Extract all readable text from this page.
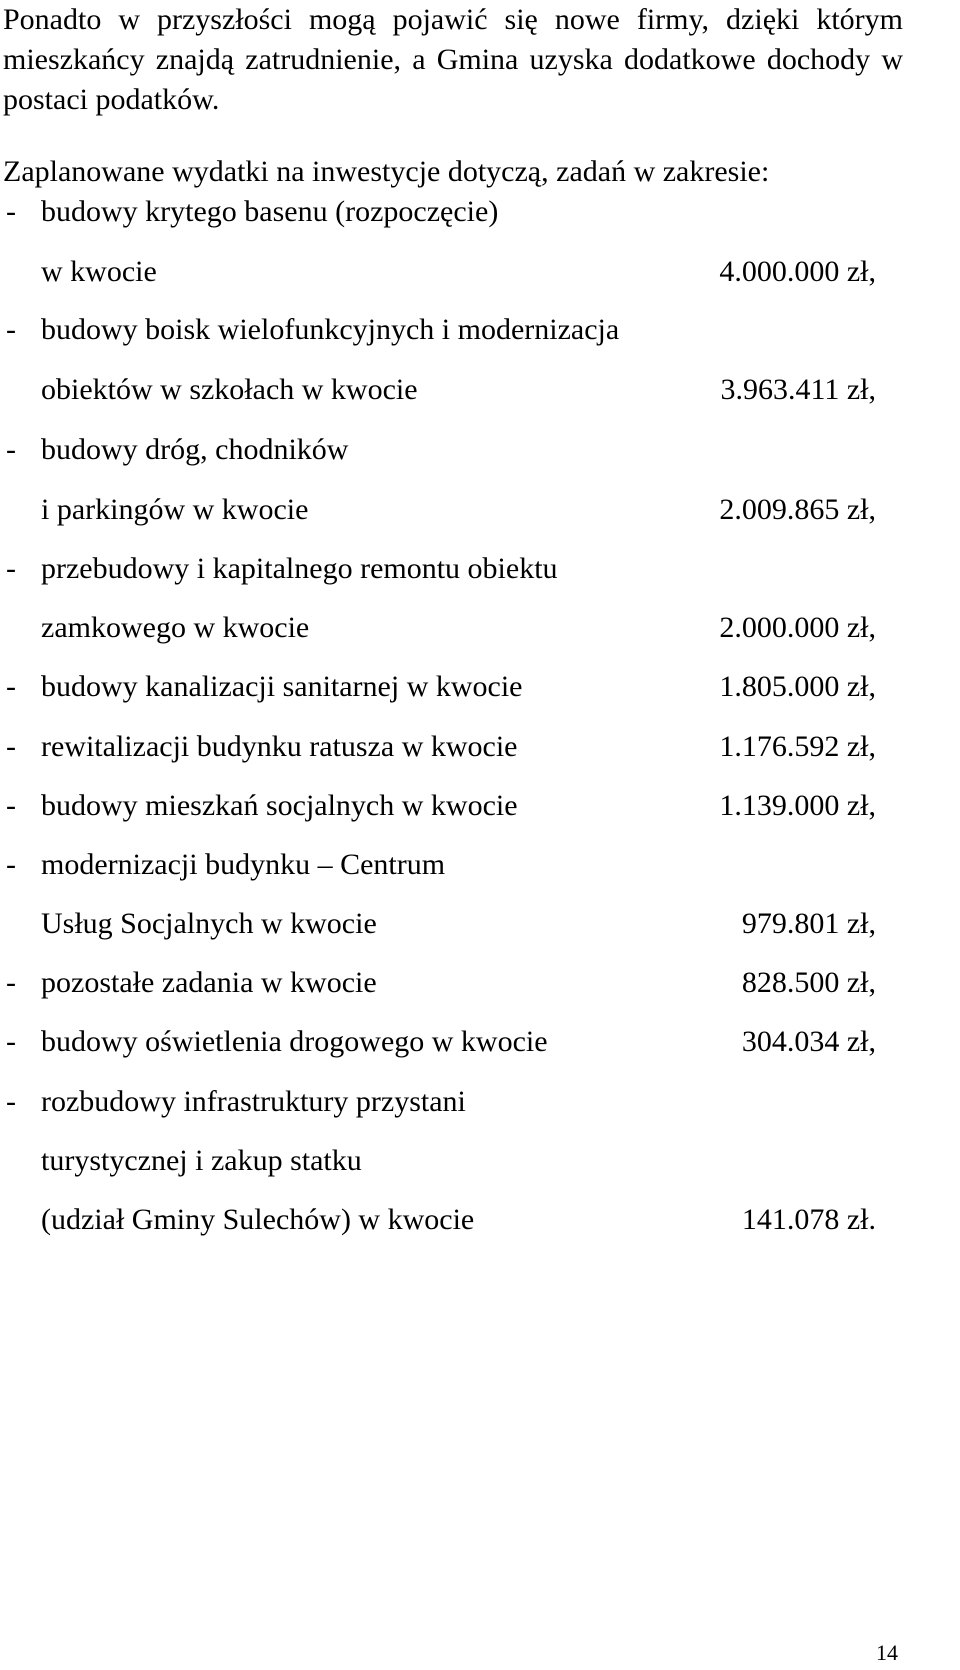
Ponadto w przyszłości mogą pojawić się nowe firmy, dzięki którym mieszkańcy znajdą zatrudnienie, a Gmina uzyska dodatkowe dochody w postaci podatków.

Zaplanowane wydatki na inwestycje dotyczą, zadań w zakresie:

- budowy krytego basenu (rozpoczęcie)
w kwocie	4.000.000 zł,
- budowy boisk wielofunkcyjnych i modernizacja
obiektów w szkołach w kwocie	3.963.411 zł,
- budowy dróg, chodników
i parkingów w kwocie	2.009.865 zł,
- przebudowy i kapitalnego remontu obiektu
zamkowego w kwocie	2.000.000 zł,
- budowy kanalizacji sanitarnej w kwocie	1.805.000 zł,
- rewitalizacji budynku ratusza w kwocie	1.176.592 zł,
- budowy mieszkań socjalnych w kwocie	1.139.000 zł,
- modernizacji budynku – Centrum
Usług Socjalnych w kwocie	979.801 zł,
- pozostałe zadania w kwocie	828.500 zł,
- budowy oświetlenia drogowego w kwocie	304.034 zł,
- rozbudowy infrastruktury przystani
turystycznej i zakup statku
(udział Gminy Sulechów) w kwocie	141.078 zł.
14
